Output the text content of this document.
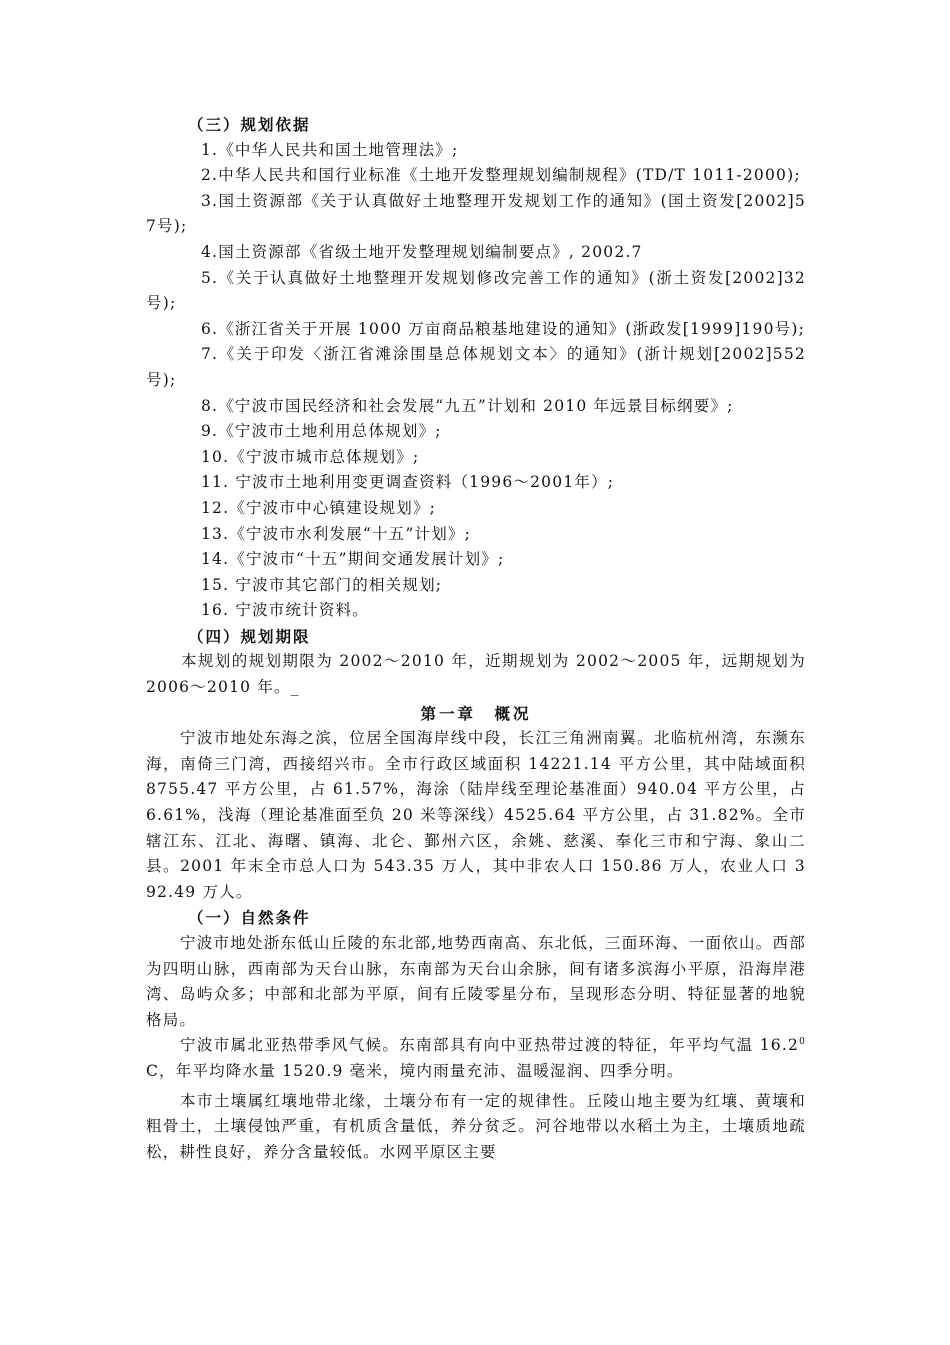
（三）规划依据

1.《中华人民共和国土地管理法》;

2.中华人民共和国行业标准《土地开发整理规划编制规程》(TD/T 1011-2000);

3.国土资源部《关于认真做好土地整理开发规划工作的通知》(国土资发[2002]57号);

4.国土资源部《省级土地开发整理规划编制要点》, 2002.7

5.《关于认真做好土地整理开发规划修改完善工作的通知》(浙土资发[2002]32号);

6.《浙江省关于开展 1000 万亩商品粮基地建设的通知》(浙政发[1999]190号);

7.《关于印发〈浙江省滩涂围垦总体规划文本〉的通知》(浙计规划[2002]552号);

8.《宁波市国民经济和社会发展“九五”计划和 2010 年远景目标纲要》;

9.《宁波市土地利用总体规划》;

10.《宁波市城市总体规划》;

11. 宁波市土地利用变更调查资料（1996～2001年）;

12.《宁波市中心镇建设规划》;

13.《宁波市水利发展“十五”计划》;

14.《宁波市“十五”期间交通发展计划》;

15. 宁波市其它部门的相关规划;

16. 宁波市统计资料。

（四）规划期限

本规划的规划期限为 2002～2010 年，近期规划为 2002～2005 年，远期规划为 2006～2010 年。_

第一章　概况

宁波市地处东海之滨，位居全国海岸线中段，长江三角洲南翼。北临杭州湾，东濒东海，南倚三门湾，西接绍兴市。全市行政区域面积 14221.14 平方公里，其中陆域面积 8755.47 平方公里，占 61.57%，海涂（陆岸线至理论基准面）940.04 平方公里，占 6.61%，浅海（理论基准面至负 20 米等深线）4525.64 平方公里，占 31.82%。全市辖江东、江北、海曙、镇海、北仑、鄞州六区，余姚、慈溪、奉化三市和宁海、象山二县。2001 年末全市总人口为 543.35 万人，其中非农人口 150.86 万人，农业人口 392.49 万人。

（一）自然条件

宁波市地处浙东低山丘陵的东北部,地势西南高、东北低，三面环海、一面依山。西部为四明山脉，西南部为天台山脉，东南部为天台山余脉，间有诸多滨海小平原，沿海岸港湾、岛屿众多；中部和北部为平原，间有丘陵零星分布，呈现形态分明、特征显著的地貌格局。

宁波市属北亚热带季风气候。东南部具有向中亚热带过渡的特征，年平均气温 16.2$^0$C，年平均降水量 1520.9 毫米，境内雨量充沛、温暖湿润、四季分明。

本市土壤属红壤地带北缘，土壤分布有一定的规律性。丘陵山地主要为红壤、黄壤和粗骨土，土壤侵蚀严重，有机质含量低，养分贫乏。河谷地带以水稻土为主，土壤质地疏松，耕性良好，养分含量较低。水网平原区主要
